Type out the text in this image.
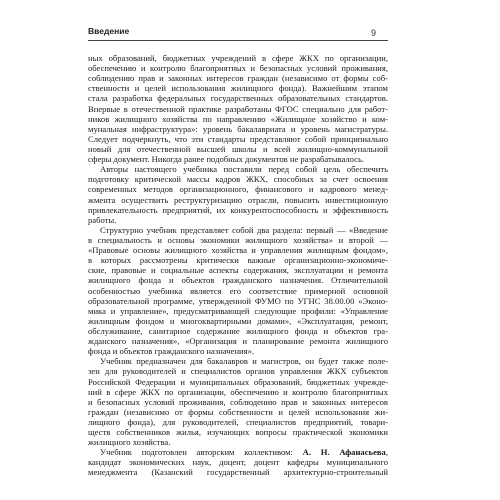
Введение	9
ных образований, бюджетных учреждений в сфере ЖКХ по организации,
обеспечению и контролю благоприятных и безопасных условий проживания,
соблюдению прав и законных интересов граждан (независимо от формы соб-
ственности и целей использования жилищного фонда). Важнейшим этапом
стала разработка федеральных государственных образовательных стандартов.
Впервые в отечественной практике разработаны ФГОС специально для работ-
ников жилищного хозяйства по направлению «Жилищное хозяйство и ком-
мунальная инфраструктура»: уровень бакалавриата и уровень магистратуры.
Следует подчеркнуть, что эти стандарты представляют собой принципиально
новый для отечественной высшей школы и всей жилищно-коммунальной
сферы документ. Никогда ранее подобных документов не разрабатывалось.
Авторы настоящего учебника поставили перед собой цель обеспечить
подготовку критической массы кадров ЖКХ, способных за счет освоения
современных методов организационного, финансового и кадрового менед-
жмента осуществить реструктуризацию отрасли, повысить инвестиционную
привлекательность предприятий, их конкурентоспособность и эффективность
работы.
Структурно учебник представляет собой два раздела: первый — «Введение
в специальность и основы экономики жилищного хозяйства» и второй —
«Правовые основы жилищного хозяйства и управления жилищным фондом»,
в которых рассмотрены критически важные организационно-экономиче-
ские, правовые и социальные аспекты содержания, эксплуатации и ремонта
жилищного фонда и объектов гражданского назначения. Отличительной
особенностью учебника является его соответствие примерной основной
образовательной программе, утвержденной ФУМО по УГНС 38.00.00 «Эконо-
мика и управление», предусматривающей следующие профили: «Управление
жилищным фондом и многоквартирными домами», «Эксплуатация, ремонт,
обслуживание, санитарное содержание жилищного фонда и объектов гра-
жданского назначения», «Организация и планирование ремонта жилищного
фонда и объектов гражданского назначения».
Учебник предназначен для бакалавров и магистров, он будет также поле-
зен для руководителей и специалистов органов управления ЖКХ субъектов
Российской Федерации и муниципальных образований, бюджетных учрежде-
ний в сфере ЖКХ по организации, обеспечению и контролю благоприятных
и безопасных условий проживания, соблюдению прав и законных интересов
граждан (независимо от формы собственности и целей использования жи-
лищного фонда), для руководителей, специалистов предприятий, товари-
ществ собственников жилья, изучающих вопросы практической экономики
жилищного хозяйства.
Учебник подготовлен авторским коллективом: А. Н. Афанасьева,
кандидат экономических наук, доцент, доцент кафедры муниципального
менеджмента (Казанский государственный архитектурно-строительный
